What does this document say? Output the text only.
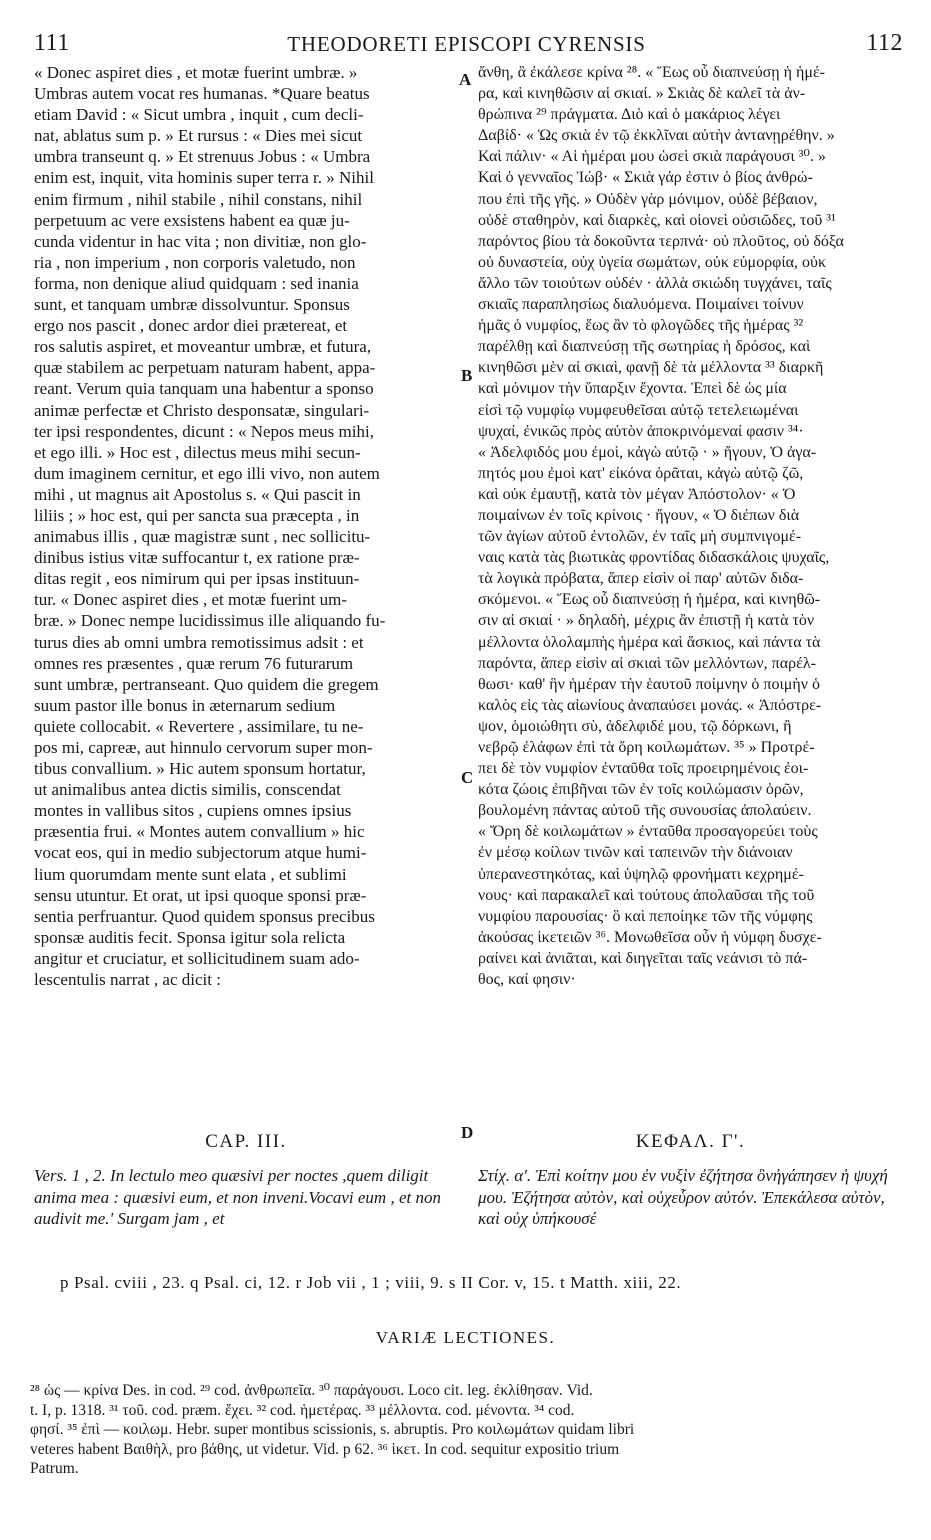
111	THEODORETI EPISCOPI CYRENSIS	112

« Donec aspiret dies , et motæ fuerint umbræ. »
Umbras autem vocat res humanas. *Quare beatus
etiam David : « Sicut umbra , inquit , cum decli-
nat, ablatus sum p. » Et rursus : « Dies mei sicut
umbra transeunt q. » Et strenuus Jobus : « Umbra
enim est, inquit, vita hominis super terra r. » Nihil
enim firmum , nihil stabile , nihil constans, nihil
perpetuum ac vere exsistens habent ea quæ ju-
cunda videntur in hac vita ; non divitiæ, non glo-
ria , non imperium , non corporis valetudo, non
forma, non denique aliud quidquam : sed inania
sunt, et tanquam umbræ dissolvuntur. Sponsus
ergo nos pascit , donec ardor diei prætereat, et
ros salutis aspiret, et moveantur umbræ, et futura,
quæ stabilem ac perpetuam naturam habent, appa-
reant. Verum quia tanquam una habentur a sponso
animæ perfectæ et Christo desponsatæ, singulari-
ter ipsi respondentes, dicunt : « Nepos meus mihi,
et ego illi. » Hoc est , dilectus meus mihi secun-
dum imaginem cernitur, et ego illi vivo, non autem
mihi , ut magnus ait Apostolus s. « Qui pascit in
liliis ; » hoc est, qui per sancta sua præcepta , in
animabus illis , quæ magistræ sunt , nec sollicitu-
dinibus istius vitæ suffocantur t, ex ratione præ-
ditas regit , eos nimirum qui per ipsas instituun-
tur. « Donec aspiret dies , et motæ fuerint um-
bræ. » Donec nempe lucidissimus ille aliquando fu-
turus dies ab omni umbra remotissimus adsit : et
omnes res præsentes , quæ rerum 76 futurarum
sunt umbræ, pertranseant. Quo quidem die gregem
suum pastor ille bonus in æternarum sedium
quiete collocabit. « Revertere , assimilare, tu ne-
pos mi, capreæ, aut hinnulo cervorum super mon-
tibus convallium. » Hic autem sponsum hortatur,
ut animalibus antea dictis similis, conscendat
montes in vallibus sitos , cupiens omnes ipsius
præsentia frui. « Montes autem convallium » hic
vocat eos, qui in medio subjectorum atque humi-
lium quorumdam mente sunt elata , et sublimi
sensu utuntur. Et orat, ut ipsi quoque sponsi præ-
sentia perfruantur. Quod quidem sponsus precibus
sponsæ auditis fecit. Sponsa igitur sola relicta
angitur et cruciatur, et sollicitudinem suam ado-
lescentulis narrat , ac dicit :

ἄνθη, ἃ ἐκάλεσε κρίνα ²⁸. « Ἕως οὗ διαπνεύσῃ ἡ ἡμέ-
ρα, καὶ κινηθῶσιν αἱ σκιαί. » Σκιὰς δὲ καλεῖ τὰ ἀν-
θρώπινα ²⁹ πράγματα. Διὸ καὶ ὁ μακάριος λέγει
Δαβίδ· « Ὡς σκιὰ ἐν τῷ ἐκκλῖναι αὐτὴν ἀντανῃρέθην. »
Καὶ πάλιν· « Αἱ ἡμέραι μου ὡσεὶ σκιὰ παράγουσι ³⁰. »
Καὶ ὁ γενναῖος Ἰώβ· « Σκιὰ γάρ ἐστιν ὁ βίος ἀνθρώ-
που ἐπὶ τῆς γῆς. » Οὐδὲν γὰρ μόνιμον, οὐδὲ βέβαιον,
οὐδὲ σταθηρὸν, καὶ διαρκὲς, καὶ οἱονεὶ οὐσιῶδες, τοῦ ³¹
παρόντος βίου τὰ δοκοῦντα τερπνά· οὐ πλοῦτος, οὐ δόξα
οὐ δυναστεία, οὐχ ὑγεία σωμάτων, οὐκ εὐμορφία, οὐκ
ἄλλο τῶν τοιούτων οὐδέν · ἀλλὰ σκιώδη τυγχάνει, ταῖς
σκιαῖς παραπλησίως διαλυόμενα. Ποιμαίνει τοίνυν
ἡμᾶς ὁ νυμφίος, ἕως ἂν τὸ φλογῶδες τῆς ἡμέρας ³²
παρέλθῃ καὶ διαπνεύσῃ τῆς σωτηρίας ἡ δρόσος, καὶ
κινηθῶσι μὲν αἱ σκιαὶ, φανῇ δὲ τὰ μέλλοντα ³³ διαρκῆ
καὶ μόνιμον τὴν ὕπαρξιν ἔχοντα. Ἐπεὶ δὲ ὡς μία
εἰσὶ τῷ νυμφίῳ νυμφευθεῖσαι αὐτῷ τετελειωμέναι
ψυχαί, ἐνικῶς πρὸς αὐτὸν ἀποκρινόμεναί φασιν ³⁴·
« Ἀδελφιδός μου ἐμοὶ, κἀγὼ αὐτῷ · » ἤγουν, Ὁ ἀγα-
πητός μου ἐμοὶ κατ' εἰκόνα ὁρᾶται, κἀγὼ αὐτῷ ζῶ,
καὶ οὐκ ἐμαυτῇ, κατὰ τὸν μέγαν Ἀπόστολον· « Ὁ
ποιμαίνων ἐν τοῖς κρίνοις · ἤγουν, « Ὁ διέπων διὰ
τῶν ἁγίων αὐτοῦ ἐντολῶν, ἐν ταῖς μὴ συμπνιγομέ-
ναις κατὰ τὰς βιωτικὰς φροντίδας διδασκάλοις ψυχαῖς,
τὰ λογικὰ πρόβατα, ἅπερ εἰσὶν οἱ παρ' αὐτῶν διδα-
σκόμενοι. « Ἕως οὗ διαπνεύσῃ ἡ ἡμέρα, καὶ κινηθῶ-
σιν αἱ σκιαί · » δηλαδὴ, μέχρις ἂν ἐπιστῇ ἡ κατὰ τὸν
μέλλοντα ὁλολαμπὴς ἡμέρα καὶ ἄσκιος, καὶ πάντα τὰ
παρόντα, ἅπερ εἰσὶν αἱ σκιαὶ τῶν μελλόντων, παρέλ-
θωσι· καθ' ἣν ἡμέραν τὴν ἑαυτοῦ ποίμνην ὁ ποιμὴν ὁ
καλὸς εἰς τὰς αἰωνίους ἀναπαύσει μονάς. « Ἀπόστρε-
ψον, ὁμοιώθητι σὺ, ἀδελφιδέ μου, τῷ δόρκωνι, ἢ
νεβρῷ ἐλάφων ἐπὶ τὰ ὄρη κοιλωμάτων. ³⁵ » Προτρέ-
πει δὲ τὸν νυμφίον ἐνταῦθα τοῖς προειρημένοις ἐοι-
κότα ζώοις ἐπιβῆναι τῶν ἐν τοῖς κοιλώμασιν ὀρῶν,
βουλομένη πάντας αὐτοῦ τῆς συνουσίας ἀπολαύειν.
« Ὄρη δὲ κοιλωμάτων » ἐνταῦθα προσαγορεύει τοὺς
ἐν μέσῳ κοίλων τινῶν καὶ ταπεινῶν τὴν διάνοιαν
ὑπερανεστηκότας, καὶ ὑψηλῷ φρονήματι κεχρημέ-
νους· καὶ παρακαλεῖ καὶ τούτους ἀπολαῦσαι τῆς τοῦ
νυμφίου παρουσίας· ὃ καὶ πεποίηκε τῶν τῆς νύμφης
ἀκούσας ἱκετειῶν ³⁶. Μονωθεῖσα οὖν ἡ νύμφη δυσχε-
ραίνει καὶ ἀνιᾶται, καὶ διηγεῖται ταῖς νεάνισι τὸ πά-
θος, καί φησιν·

A
B
C
D
CAP. III.	ΚΕΦΑΛ. Γ'.
Vers. 1 , 2. In lectulo meo quæsivi per noctes ,quem diligit anima mea : quæsivi eum, et non inveni.Vocavi eum , et non audivit me.' Surgam jam , et
Στίχ. α'. Ἐπὶ κοίτην μου ἐν νυξὶν ἐζήτησα ὃνἠγάπησεν ἡ ψυχή μου. Ἐζήτησα αὐτὸν, καὶ οὐχεὗρον αὐτόν. Ἐπεκάλεσα αὐτὸν, καὶ οὐχ ὑπήκουσέ
p Psal. cviii , 23. q Psal. ci, 12. r Job vii , 1 ; viii, 9. s II Cor. v, 15. t Matth. xiii, 22.
VARIÆ LECTIONES.
²⁸ ὡς — κρίνα Des. in cod. ²⁹ cod. ἀνθρωπεῖα. ³⁰ παράγουσι. Loco cit. leg. ἐκλίθησαν. Vid.
t. I, p. 1318. ³¹ τοῦ. cod. præm. ἔχει. ³² cod. ἡμετέρας. ³³ μέλλοντα. cod. μένοντα. ³⁴ cod.
φησί. ³⁵ ἐπὶ — κοιλωμ. Hebr. super montibus scissionis, s. abruptis. Pro κοιλωμάτων quidam libri
veteres habent Βαιθὴλ, pro βάθης, ut videtur. Vid. p 62. ³⁶ ἱκετ. In cod. sequitur expositio trium
Patrum.
